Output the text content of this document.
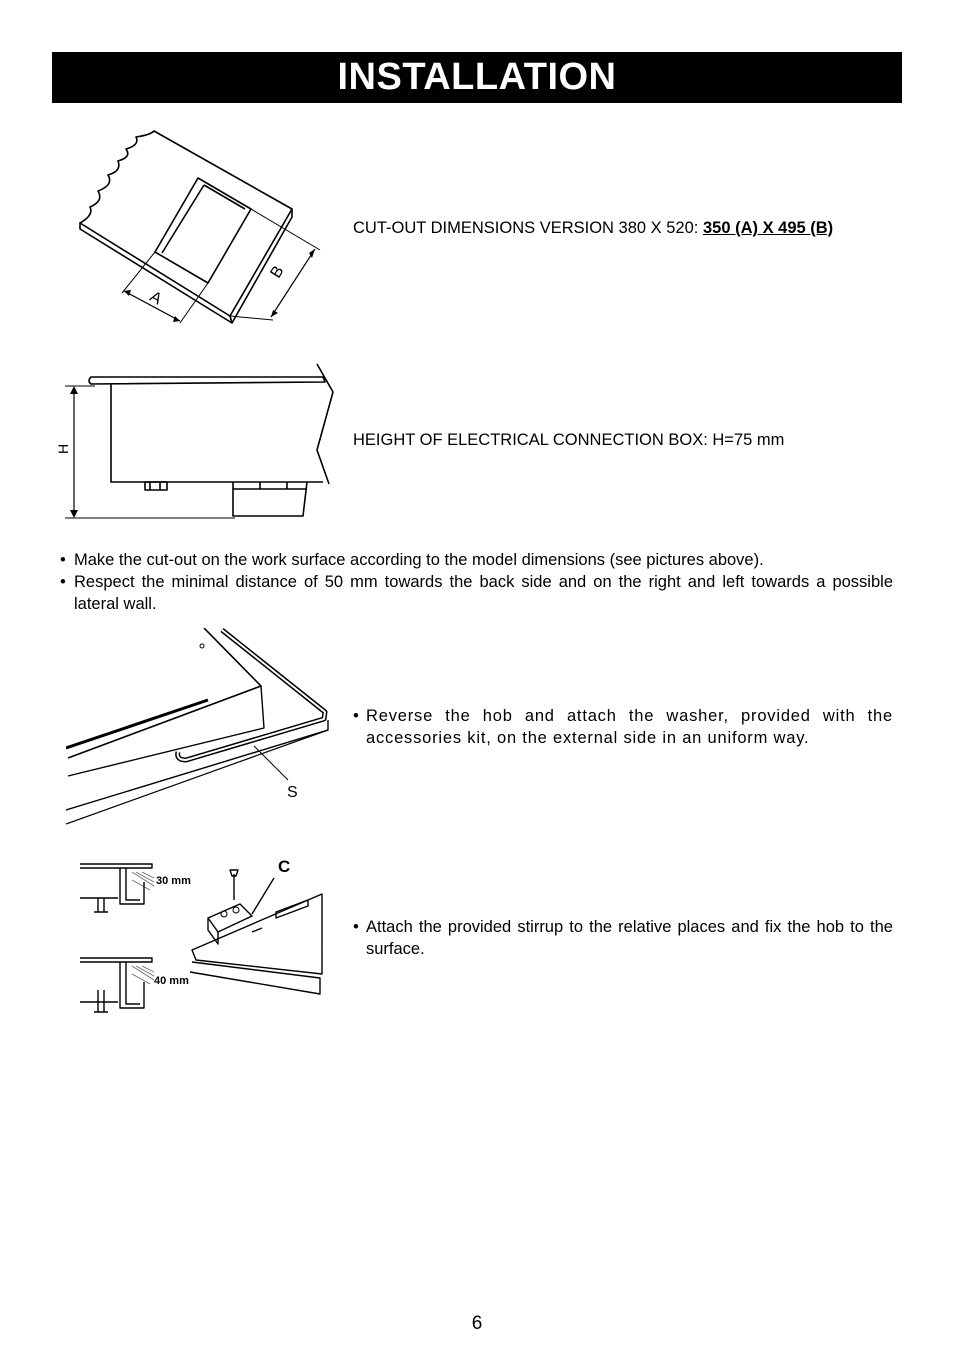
INSTALLATION
B
A
CUT-OUT DIMENSIONS VERSION 380 X 520: 350 (A) X 495 (B)
H	HEIGHT OF ELECTRICAL CONNECTION BOX: H=75 mm
• Make the cut-out on the work surface according to the model dimensions (see pictures above).
• Respect the minimal distance of 50 mm towards the back side and on the right and left towards a possible lateral wall.
S
• Reverse the hob and attach the washer, provided with the accessories kit, on the external side in an uniform way.
30 mm
40 mm
C
• Attach the provided stirrup to the relative places and fix the hob to the surface.
6
